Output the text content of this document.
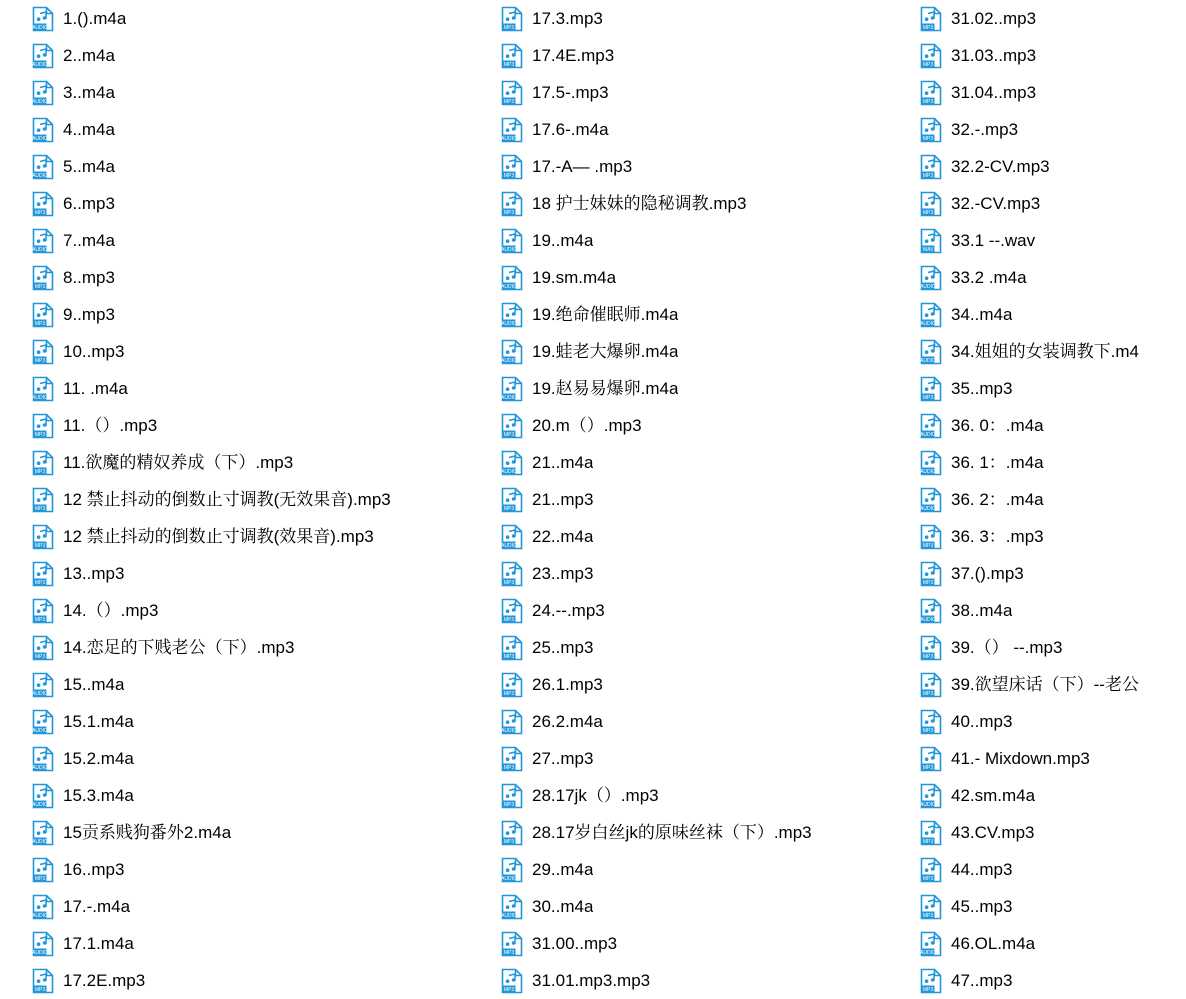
AUDIO 1.().m4a
AUDIO 2..m4a
AUDIO 3..m4a
AUDIO 4..m4a
AUDIO 5..m4a
MP3 6..mp3
AUDIO 7..m4a
MP3 8..mp3
MP3 9..mp3
MP3 10..mp3
AUDIO 11. .m4a
MP3 11.（）.mp3
MP3 11.欲魔的精奴养成（下）.mp3
MP3 12 禁止抖动的倒数止寸调教(无效果音).mp3
MP3 12 禁止抖动的倒数止寸调教(效果音).mp3
MP3 13..mp3
MP3 14.（）.mp3
MP3 14.恋足的下贱老公（下）.mp3
AUDIO 15..m4a
AUDIO 15.1.m4a
AUDIO 15.2.m4a
AUDIO 15.3.m4a
AUDIO 15贡系贱狗番外2.m4a
MP3 16..mp3
AUDIO 17.-.m4a
AUDIO 17.1.m4a
MP3 17.2E.mp3
MP3 17.3.mp3
MP3 17.4E.mp3
MP3 17.5-.mp3
AUDIO 17.6-.m4a
MP3 17.-A— .mp3
MP3 18 护士妹妹的隐秘调教.mp3
AUDIO 19..m4a
AUDIO 19.sm.m4a
AUDIO 19.绝命催眠师.m4a
AUDIO 19.蛙老大爆卵.m4a
AUDIO 19.赵易易爆卵.m4a
MP3 20.m（）.mp3
AUDIO 21..m4a
MP3 21..mp3
AUDIO 22..m4a
MP3 23..mp3
MP3 24.--.mp3
MP3 25..mp3
MP3 26.1.mp3
AUDIO 26.2.m4a
MP3 27..mp3
MP3 28.17jk（）.mp3
MP3 28.17岁白丝jk的原味丝袜（下）.mp3
AUDIO 29..m4a
AUDIO 30..m4a
MP3 31.00..mp3
MP3 31.01.mp3.mp3
MP3 31.02..mp3
MP3 31.03..mp3
MP3 31.04..mp3
MP3 32.-.mp3
MP3 32.2-CV.mp3
MP3 32.-CV.mp3
WAV 33.1 --.wav
AUDIO 33.2 .m4a
AUDIO 34..m4a
AUDIO 34.姐姐的女装调教下.m4
MP3 35..mp3
AUDIO 36. 0：.m4a
AUDIO 36. 1：.m4a
AUDIO 36. 2：.m4a
MP3 36. 3：.mp3
MP3 37.().mp3
AUDIO 38..m4a
MP3 39.（） --.mp3
MP3 39.欲望床话（下）--老公
MP3 40..mp3
MP3 41.- Mixdown.mp3
AUDIO 42.sm.m4a
MP3 43.CV.mp3
MP3 44..mp3
MP3 45..mp3
AUDIO 46.OL.m4a
MP3 47..mp3
